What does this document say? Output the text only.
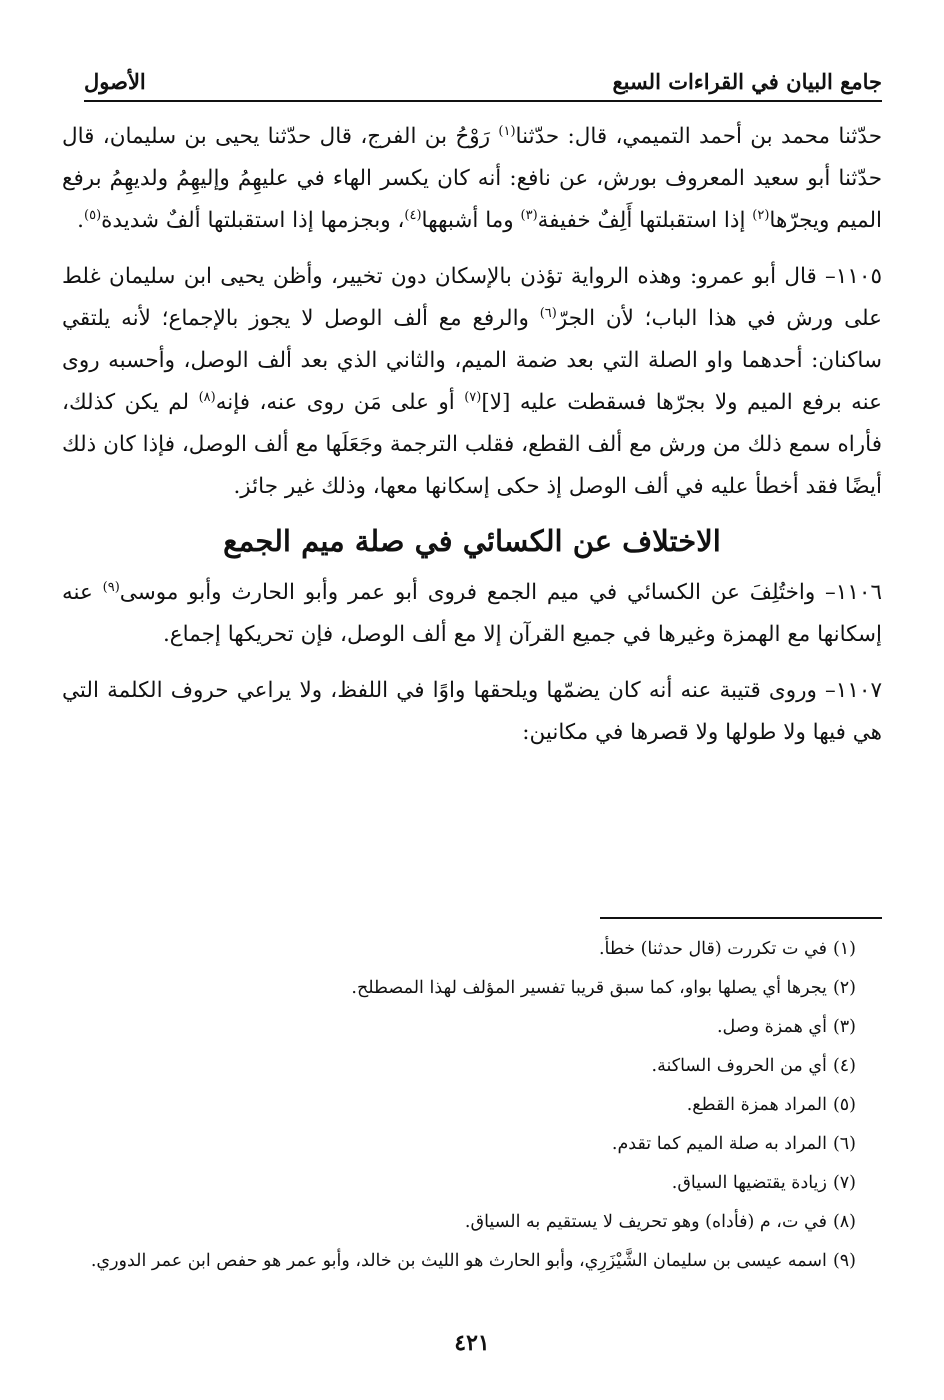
جامع البيان في القراءات السبع
الأصول

حدّثنا محمد بن أحمد التميمي، قال: حدّثنا$^{(١)}$ رَوْحُ بن الفرج، قال حدّثنا يحيى بن سليمان، قال حدّثنا أبو سعيد المعروف بورش، عن نافع: أنه كان يكسر الهاء في عليهِمُ وإليهِمُ ولديهِمُ برفع الميم ويجرّها$^{(٢)}$ إذا استقبلتها أَلِفٌ خفيفة$^{(٣)}$ وما أشبهها$^{(٤)}$، وبجزمها إذا استقبلتها ألفٌ شديدة$^{(٥)}$.

١١٠٥– قال أبو عمرو: وهذه الرواية تؤذن بالإسكان دون تخيير، وأظن يحيى ابن سليمان غلط على ورش في هذا الباب؛ لأن الجرّ$^{(٦)}$ والرفع مع ألف الوصل لا يجوز بالإجماع؛ لأنه يلتقي ساكنان: أحدهما واو الصلة التي بعد ضمة الميم، والثاني الذي بعد ألف الوصل، وأحسبه روى عنه برفع الميم ولا بجرّها فسقطت عليه [لا]$^{(٧)}$ أو على مَن روى عنه، فإنه$^{(٨)}$ لم يكن كذلك، فأراه سمع ذلك من ورش مع ألف القطع، فقلب الترجمة وجَعَلَها مع ألف الوصل، فإذا كان ذلك أيضًا فقد أخطأ عليه في ألف الوصل إذ حكى إسكانها معها، وذلك غير جائز.

الاختلاف عن الكسائي في صلة ميم الجمع

١١٠٦– واختُلِفَ عن الكسائي في ميم الجمع فروى أبو عمر وأبو الحارث وأبو موسى$^{(٩)}$ عنه إسكانها مع الهمزة وغيرها في جميع القرآن إلا مع ألف الوصل، فإن تحريكها إجماع.

١١٠٧– وروى قتيبة عنه أنه كان يضمّها ويلحقها واوًا في اللفظ، ولا يراعي حروف الكلمة التي هي فيها ولا طولها ولا قصرها في مكانين:

(١)
في ت تكررت (قال حدثنا) خطأ.
(٢)
يجرها أي يصلها بواو، كما سبق قريبا تفسير المؤلف لهذا المصطلح.
(٣)
أي همزة وصل.
(٤)
أي من الحروف الساكنة.
(٥)
المراد همزة القطع.
(٦)
المراد به صلة الميم كما تقدم.
(٧)
زيادة يقتضيها السياق.
(٨)
في ت، م (فأداه) وهو تحريف لا يستقيم به السياق.
(٩)
اسمه عيسى بن سليمان الشَّيْزَرِي، وأبو الحارث هو الليث بن خالد، وأبو عمر هو حفص ابن عمر الدوري.
٤٢١
